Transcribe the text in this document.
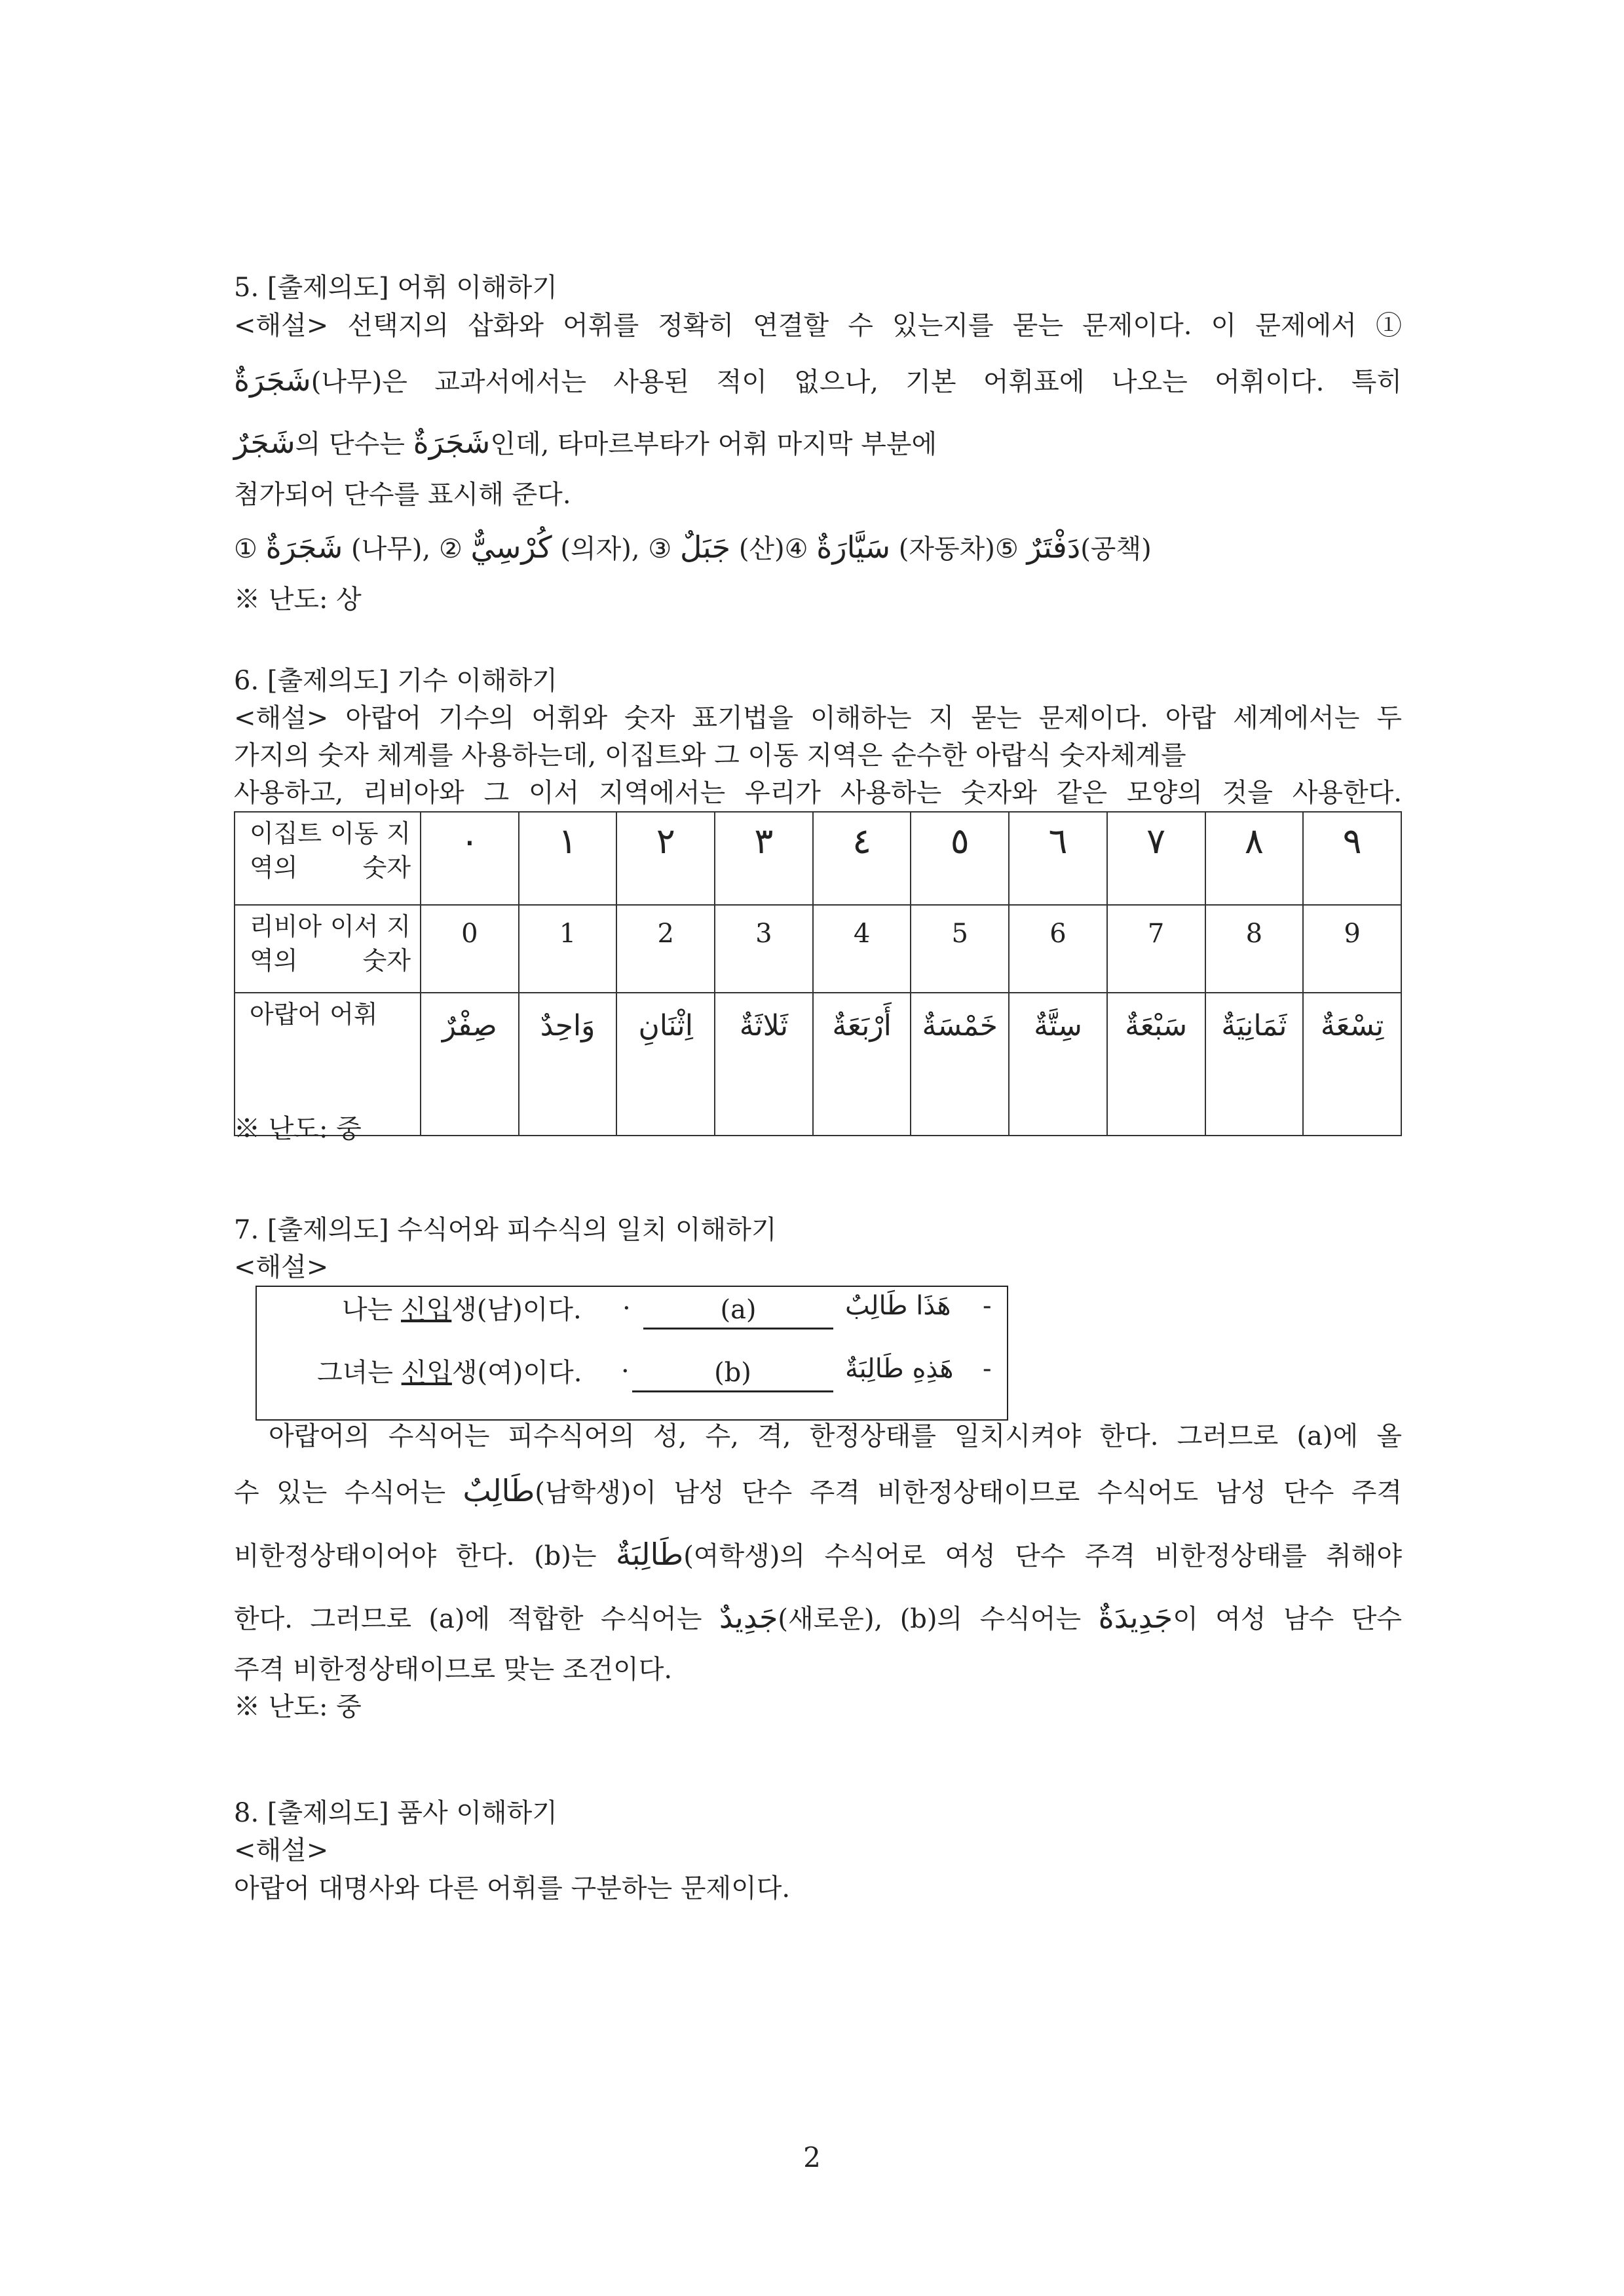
5. [출제의도] 어휘 이해하기
<해설> 선택지의 삽화와 어휘를 정확히 연결할 수 있는지를 묻는 문제이다. 이 문제에서 ①
شَجَرَةٌ(나무)은 교과서에서는 사용된 적이 없으나, 기본 어휘표에 나오는 어휘이다. 특히
شَجَرٌ의 단수는 شَجَرَةٌ인데, 타마르부타가 어휘 마지막 부분에
첨가되어 단수를 표시해 준다.
① شَجَرَةٌ (나무), ② كُرْسِيٌّ (의자), ③ جَبَلٌ (산)④ سَيَّارَةٌ (자동차)⑤ دَفْتَرٌ(공책)
※ 난도: 상
6. [출제의도] 기수 이해하기
<해설> 아랍어 기수의 어휘와 숫자 표기법을 이해하는 지 묻는 문제이다. 아랍 세계에서는 두
가지의 숫자 체계를 사용하는데, 이집트와 그 이동 지역은 순수한 아랍식 숫자체계를
사용하고, 리비아와 그 이서 지역에서는 우리가 사용하는 숫자와 같은 모양의 것을 사용한다.
이집트 이동 지역의 숫자	٠	١	٢	٣	٤	٥	٦	٧	٨	٩
리비아 이서 지역의 숫자	0	1	2	3	4	5	6	7	8	9
아랍어 어휘	صِفْرٌ	وَاحِدٌ	اِثْنَانِ	ثَلاثَةٌ	أَرْبَعَةٌ	خَمْسَةٌ	سِتَّةٌ	سَبْعَةٌ	ثَمَانِيَةٌ	تِسْعَةٌ
※ 난도: 중
7. [출제의도] 수식어와 피수식의 일치 이해하기
<해설>
나는 신입생(남)이다. ·	(a)	هَذَا طَالِبٌ -
그녀는 신입생(여)이다. ·	(b)	هَذِهِ طَالِبَةٌ -
아랍어의 수식어는 피수식어의 성, 수, 격, 한정상태를 일치시켜야 한다. 그러므로 (a)에 올
수 있는 수식어는 طَالِبٌ(남학생)이 남성 단수 주격 비한정상태이므로 수식어도 남성 단수 주격
비한정상태이어야 한다. (b)는 طَالِبَةٌ(여학생)의 수식어로 여성 단수 주격 비한정상태를 취해야
한다. 그러므로 (a)에 적합한 수식어는 جَدِيدٌ(새로운), (b)의 수식어는 جَدِيدَةٌ이 여성 남수 단수
주격 비한정상태이므로 맞는 조건이다.
※ 난도: 중
8. [출제의도] 품사 이해하기
<해설>
아랍어 대명사와 다른 어휘를 구분하는 문제이다.
2
